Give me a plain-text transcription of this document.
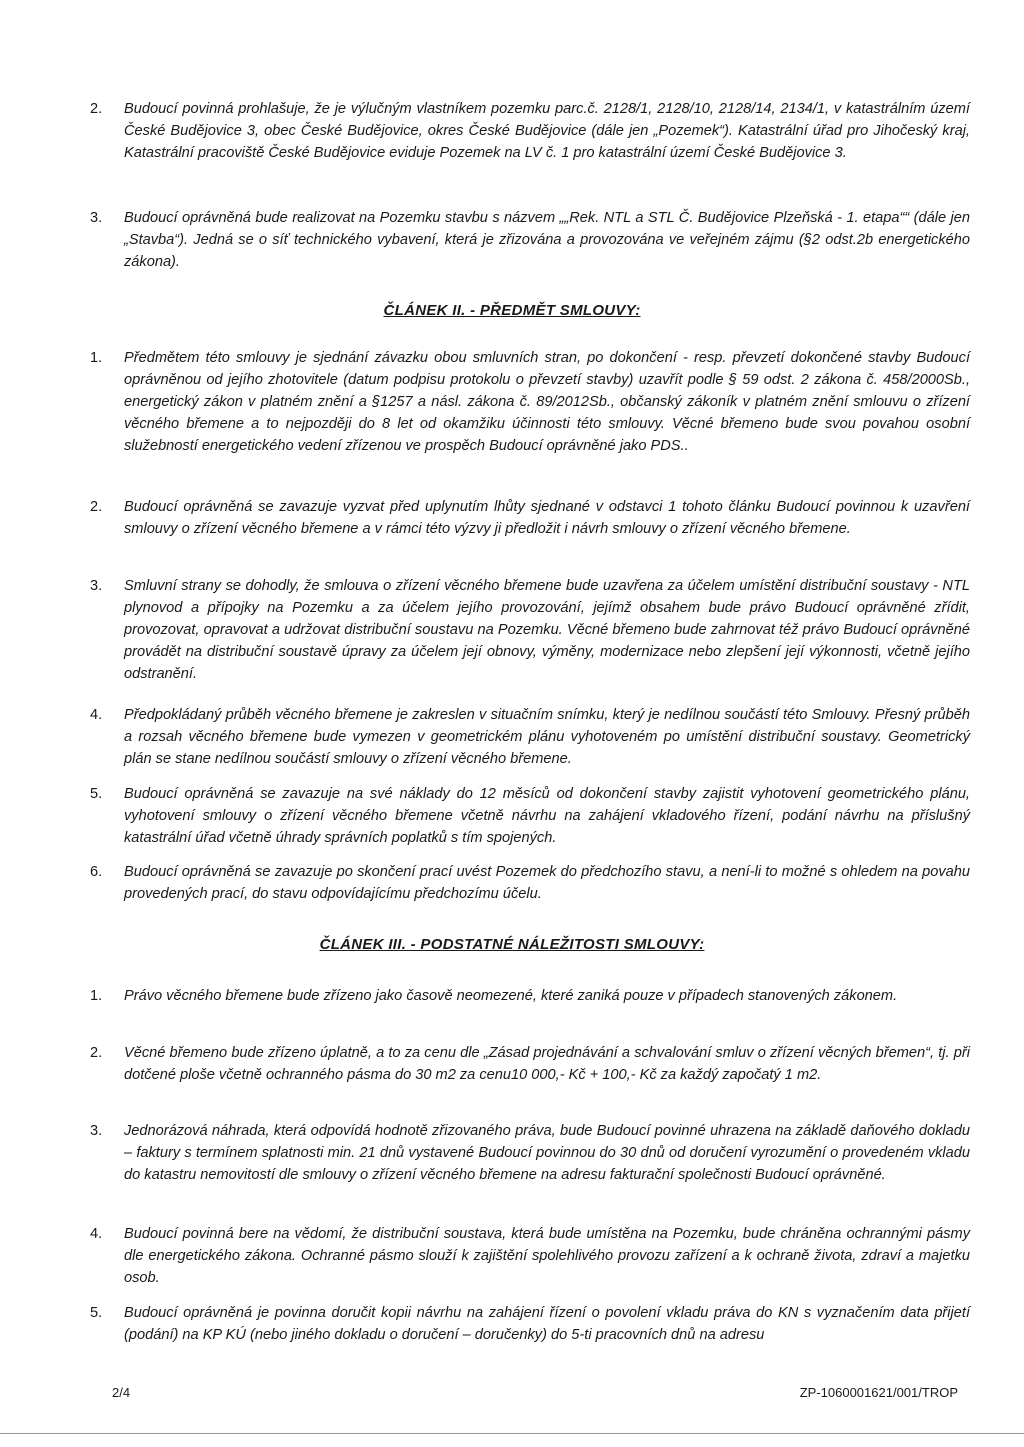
2.	Budoucí povinná prohlašuje, že je výlučným vlastníkem pozemku parc.č. 2128/1, 2128/10, 2128/14, 2134/1, v katastrálním území České Budějovice 3, obec České Budějovice, okres České Budějovice (dále jen „Pozemek“). Katastrální úřad pro Jihočeský kraj, Katastrální pracoviště České Budějovice eviduje Pozemek na LV č. 1 pro katastrální území České Budějovice 3.
3.	Budoucí oprávněná bude realizovat na Pozemku stavbu s názvem „„Rek. NTL a STL Č. Budějovice Plzeňská - 1. etapa““ (dále jen „Stavba“). Jedná se o síť technického vybavení, která je zřizována a provozována ve veřejném zájmu (§2 odst.2b energetického zákona).
ČLÁNEK II. - PŘEDMĚT SMLOUVY:
1.	Předmětem této smlouvy je sjednání závazku obou smluvních stran, po dokončení - resp. převzetí dokončené stavby Budoucí oprávněnou od jejího zhotovitele (datum podpisu protokolu o převzetí stavby) uzavřít podle § 59 odst. 2 zákona č. 458/2000Sb., energetický zákon v platném znění a §1257 a násl. zákona č. 89/2012Sb., občanský zákoník v platném znění smlouvu o zřízení věcného břemene a to nejpozději do 8 let od okamžiku účinnosti této smlouvy. Věcné břemeno bude svou povahou osobní služebností energetického vedení zřízenou ve prospěch Budoucí oprávněné jako PDS..
2.	Budoucí oprávněná se zavazuje vyzvat před uplynutím lhůty sjednané v odstavci 1 tohoto článku Budoucí povinnou k uzavření smlouvy o zřízení věcného břemene a v rámci této výzvy ji předložit i návrh smlouvy o zřízení věcného břemene.
3.	Smluvní strany se dohodly, že smlouva o zřízení věcného břemene bude uzavřena za účelem umístění distribuční soustavy - NTL plynovod a přípojky na Pozemku a za účelem jejího provozování, jejímž obsahem bude právo Budoucí oprávněné zřídit, provozovat, opravovat a udržovat distribuční soustavu na Pozemku. Věcné břemeno bude zahrnovat též právo Budoucí oprávněné provádět na distribuční soustavě úpravy za účelem její obnovy, výměny, modernizace nebo zlepšení její výkonnosti, včetně jejího odstranění.
4.	Předpokládaný průběh věcného břemene je zakreslen v situačním snímku, který je nedílnou součástí této Smlouvy. Přesný průběh a rozsah věcného břemene bude vymezen v geometrickém plánu vyhotoveném po umístění distribuční soustavy. Geometrický plán se stane nedílnou součástí smlouvy o zřízení věcného břemene.
5.	Budoucí oprávněná se zavazuje na své náklady do 12 měsíců od dokončení stavby zajistit vyhotovení geometrického plánu, vyhotovení smlouvy o zřízení věcného břemene včetně návrhu na zahájení vkladového řízení, podání návrhu na příslušný katastrální úřad včetně úhrady správních poplatků s tím spojených.
6.	Budoucí oprávněná se zavazuje po skončení prací uvést Pozemek do předchozího stavu, a není-li to možné s ohledem na povahu provedených prací, do stavu odpovídajícímu předchozímu účelu.
ČLÁNEK III. - PODSTATNÉ NÁLEŽITOSTI SMLOUVY:
1.	Právo věcného břemene bude zřízeno jako časově neomezené, které zaniká pouze v případech stanovených zákonem.
2.	Věcné břemeno bude zřízeno úplatně, a to za cenu dle „Zásad projednávání a schvalování smluv o zřízení věcných břemen“, tj. při dotčené ploše včetně ochranného pásma do 30 m2 za cenu10 000,- Kč + 100,- Kč za každý započatý 1 m2.
3.	Jednorázová náhrada, která odpovídá hodnotě zřizovaného práva, bude Budoucí povinné uhrazena na základě daňového dokladu – faktury s termínem splatnosti min. 21 dnů vystavené Budoucí povinnou do 30 dnů od doručení vyrozumění o provedeném vkladu do katastru nemovitostí dle smlouvy o zřízení věcného břemene na adresu fakturační společnosti Budoucí oprávněné.
4.	Budoucí povinná bere na vědomí, že distribuční soustava, která bude umístěna na Pozemku, bude chráněna ochrannými pásmy dle energetického zákona. Ochranné pásmo slouží k zajištění spolehlivého provozu zařízení a k ochraně života, zdraví a majetku osob.
5.	Budoucí oprávněná je povinna doručit kopii návrhu na zahájení řízení o povolení vkladu práva do KN s vyznačením data přijetí (podání) na KP KÚ (nebo jiného dokladu o doručení – doručenky) do 5-ti pracovních dnů na adresu
2/4	ZP-1060001621/001/TROP
